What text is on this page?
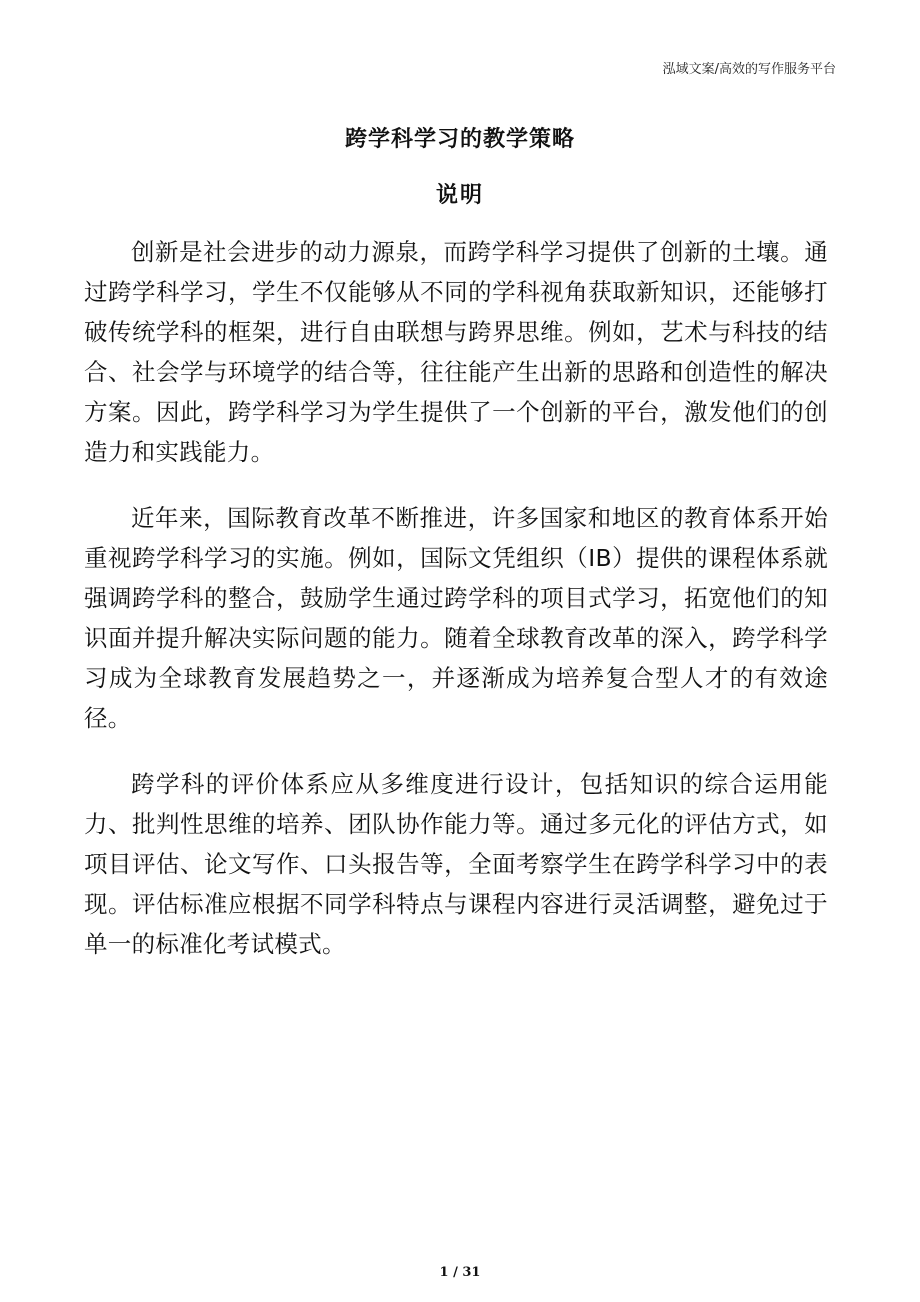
泓域文案/高效的写作服务平台
跨学科学习的教学策略
说明

创新是社会进步的动力源泉，而跨学科学习提供了创新的土壤。通过跨学科学习，学生不仅能够从不同的学科视角获取新知识，还能够打破传统学科的框架，进行自由联想与跨界思维。例如，艺术与科技的结合、社会学与环境学的结合等，往往能产生出新的思路和创造性的解决方案。因此，跨学科学习为学生提供了一个创新的平台，激发他们的创造力和实践能力。

近年来，国际教育改革不断推进，许多国家和地区的教育体系开始重视跨学科学习的实施。例如，国际文凭组织（IB）提供的课程体系就强调跨学科的整合，鼓励学生通过跨学科的项目式学习，拓宽他们的知识面并提升解决实际问题的能力。随着全球教育改革的深入，跨学科学习成为全球教育发展趋势之一，并逐渐成为培养复合型人才的有效途径。

跨学科的评价体系应从多维度进行设计，包括知识的综合运用能力、批判性思维的培养、团队协作能力等。通过多元化的评估方式，如项目评估、论文写作、口头报告等，全面考察学生在跨学科学习中的表现。评估标准应根据不同学科特点与课程内容进行灵活调整，避免过于单一的标准化考试模式。

1 / 31
